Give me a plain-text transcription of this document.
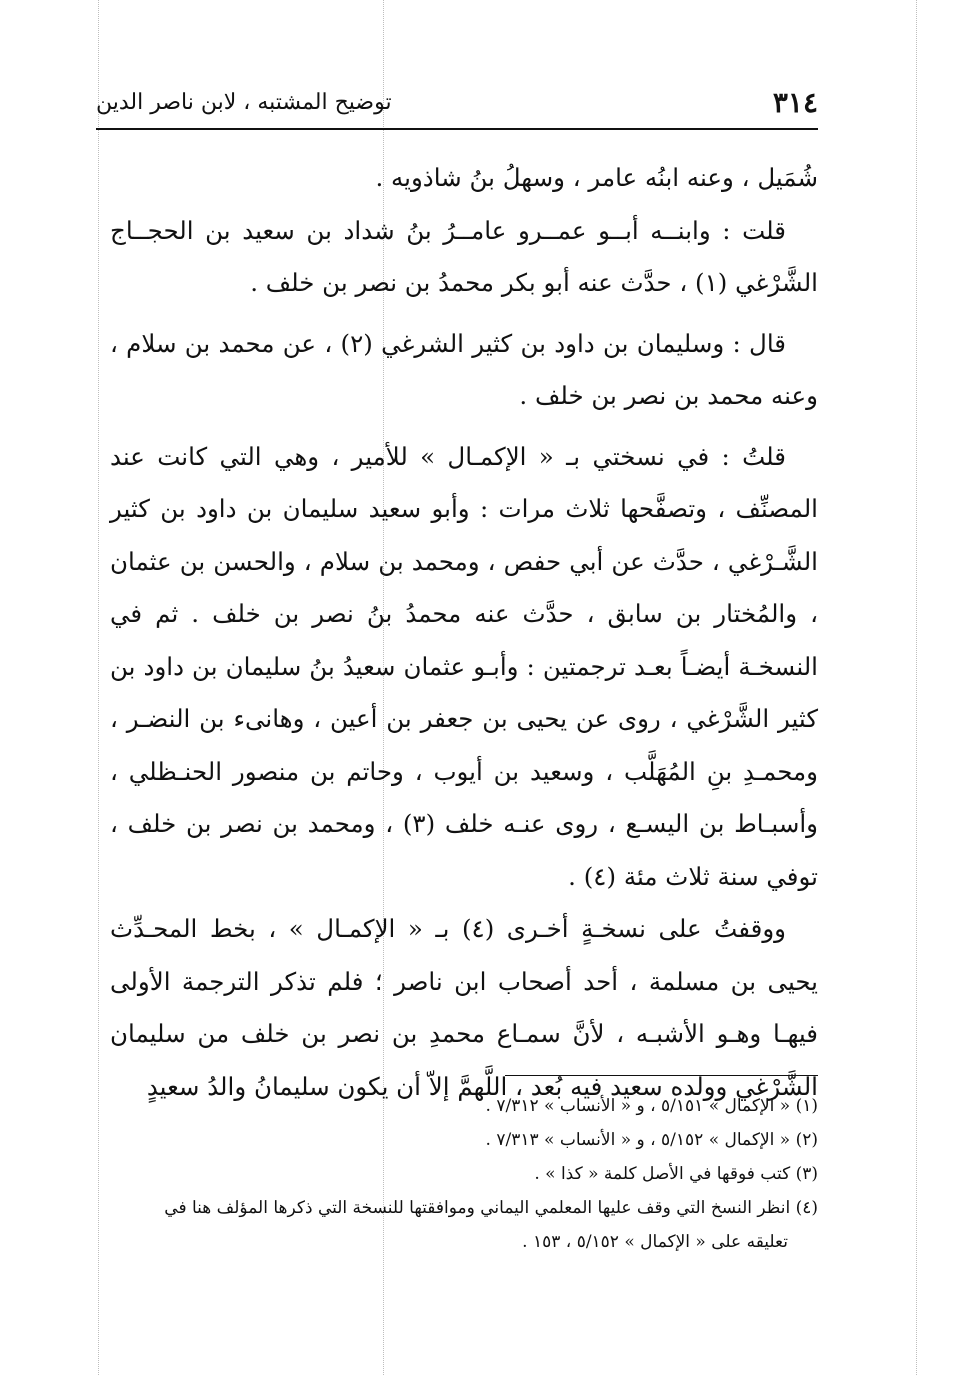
٣١٤
توضيح المشتبه ، لابن ناصر الدين

شُمَيل ، وعنه ابنُه عامر ، وسهلُ بنُ شاذويه .

قلت : وابنــه أبــو عمــرو عامــرُ بنُ شداد بن سعيد بن الحجــاج الشَّرْغي (١) ، حدَّث عنه أبو بكر محمدُ بن نصر بن خلف .

قال : وسليمان بن داود بن كثير الشرغي (٢) ، عن محمد بن سلام ، وعنه محمد بن نصر بن خلف .

قلتُ : في نسختي بـ « الإكمـال » للأمير ، وهي التي كانت عند المصنِّف ، وتصفَّحها ثلاث مرات : وأبو سعيد سليمان بن داود بن كثير الشَّـرْغي ، حدَّث عن أبي حفص ، ومحمد بن سلام ، والحسن بن عثمان ، والمُختار بن سابق ، حدَّث عنه محمدُ بنُ نصر بن خلف . ثم في النسخـة أيضـاً بعـد ترجمتين : وأبـو عثمان سعيدُ بنُ سليمان بن داود بن كثير الشَّرْغي ، روى عن يحيى بن جعفر بن أعين ، وهانىء بن النضـر ، ومحمـدِ بنِ المُهَلَّب ، وسعيد بن أيوب ، وحاتم بن منصور الحنـظلي ، وأسبـاط بن اليسـع ، روى عنـه خلف (٣) ، ومحمد بن نصر بن خلف ، توفي سنة ثلاث مئة (٤) .

ووقفتُ على نسخـةٍ أخـرى (٤) بـ « الإكمـال » ، بخط المحـدِّث يحيى بن مسلمة ، أحد أصحاب ابن ناصر ؛ فلم تذكر الترجمة الأولى فيهـا وهـو الأشبـه ، لأنَّ سمـاع محمدِ بن نصر بن خلف من سليمان الشَّرْغي وولده سعيد فيه بُعد ، اللَّهمَّ إلاّ أن يكون سليمانُ والدُ سعيدٍ

(١) « الإكمال » ٥/١٥١ ، و « الأنساب » ٧/٣١٢ .

(٢) « الإكمال » ٥/١٥٢ ، و « الأنساب » ٧/٣١٣ .

(٣) كتب فوقها في الأصل كلمة « كذا » .

(٤) انظر النسخ التي وقف عليها المعلمي اليماني وموافقتها للنسخة التي ذكرها المؤلف هنا في

تعليقه على « الإكمال » ٥/١٥٢ ، ١٥٣ .
